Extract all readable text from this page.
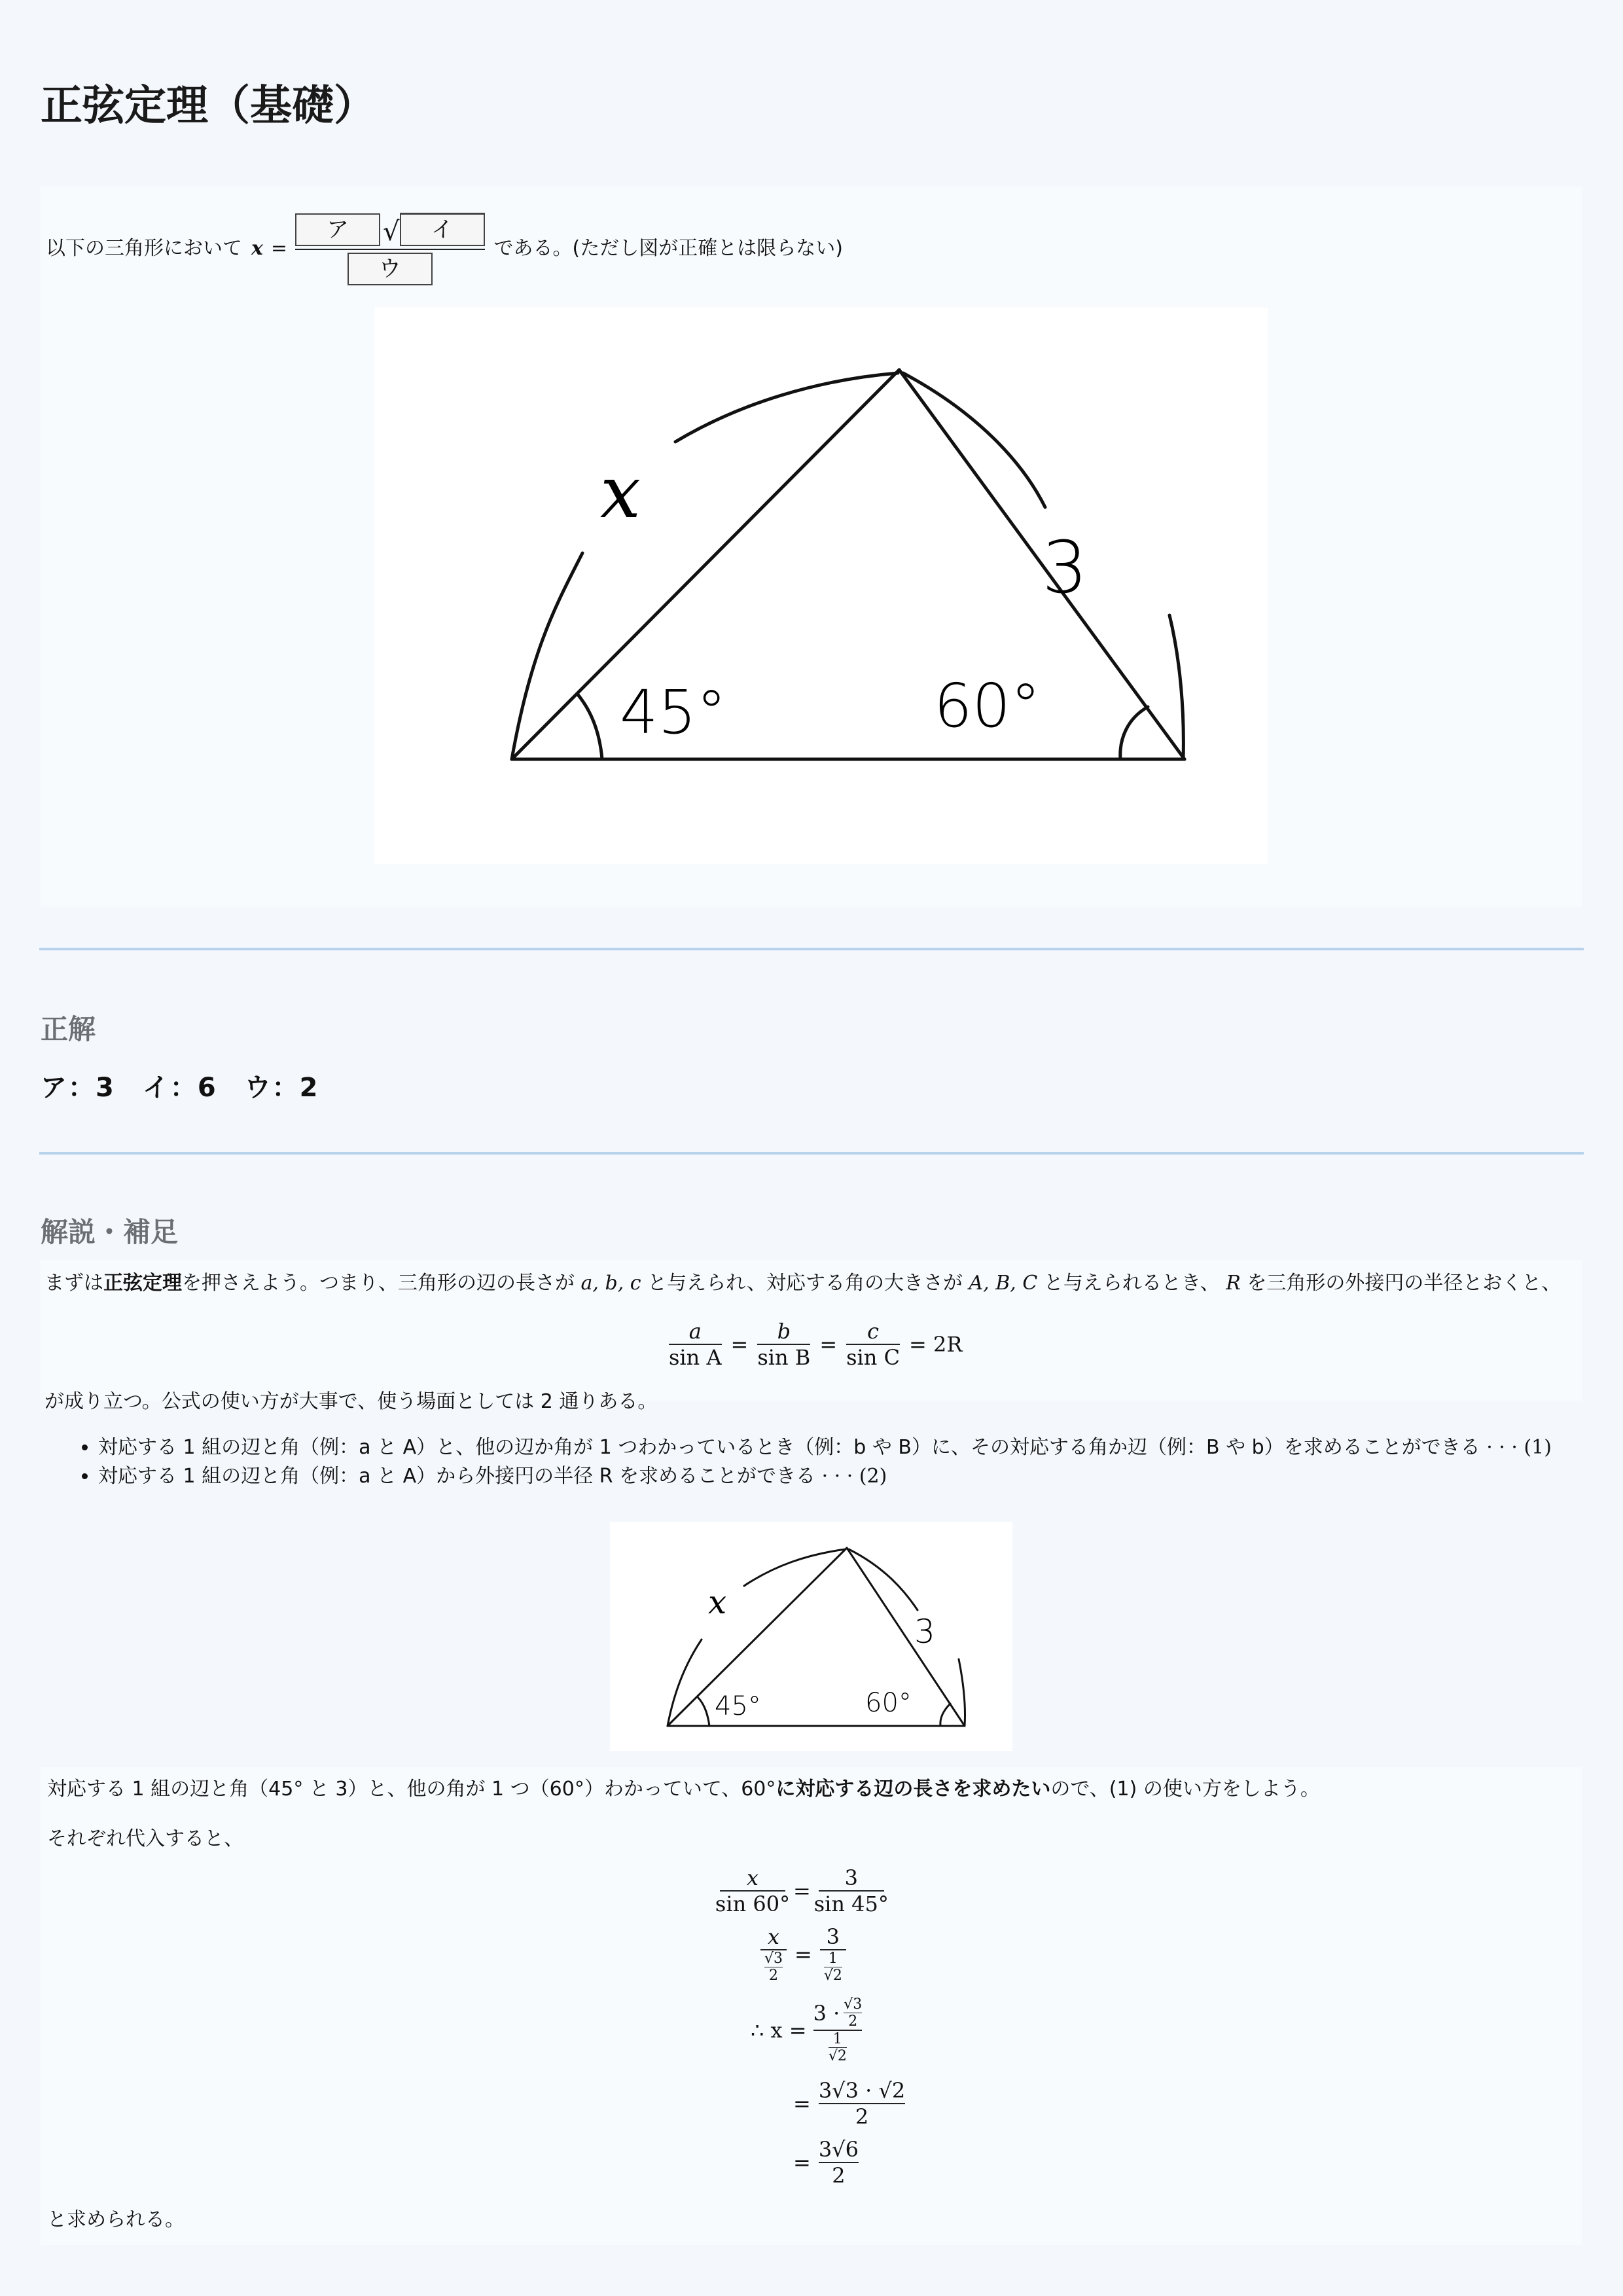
正弦定理（基礎）
以下の三角形において x = ア	√	イ
ウ である。(ただし図が正確とは限らない)
45°	60°
x
3
正解
ア：3　イ：6　ウ：2
解説・補足
まずは正弦定理を押さえよう。つまり、三角形の辺の長さが a, b, c と与えられ、対応する角の大きさが A, B, C と与えられるとき、 R を三角形の外接円の半径とおくと、
$\frac{a}{\text{sin A}} = \frac{b}{\text{sin B}} = \frac{c}{\text{sin C}} = 2R$
が成り立つ。公式の使い方が大事で、使う場面としては 2 通りある。
• 対応する 1 組の辺と角（例：a と A）と、他の辺か角が 1 つわかっているとき（例：b や B）に、その対応する角か辺（例：B や b）を求めることができる · · · (1)
• 対応する 1 組の辺と角（例：a と A）から外接円の半径 R を求めることができる · · · (2)
45°	60°
x
3
対応する 1 組の辺と角（45° と 3）と、他の角が 1 つ（60°）わかっていて、60°に対応する辺の長さを求めたいので、(1) の使い方をしよう。
それぞれ代入すると、
$\frac{x}{\sin 60^\circ} = \frac{3}{\sin 45^\circ}$
$\frac{x}{\frac{√3}{2}} = \frac{3}{\frac{1}{√2}}$
∴ $x = \frac{3 \cdot \frac{√3}{2}}{\frac{1}{√2}}$
= $\frac{3√3 \cdot √2}{2}$
= $\frac{3√6}{2}$
と求められる。
